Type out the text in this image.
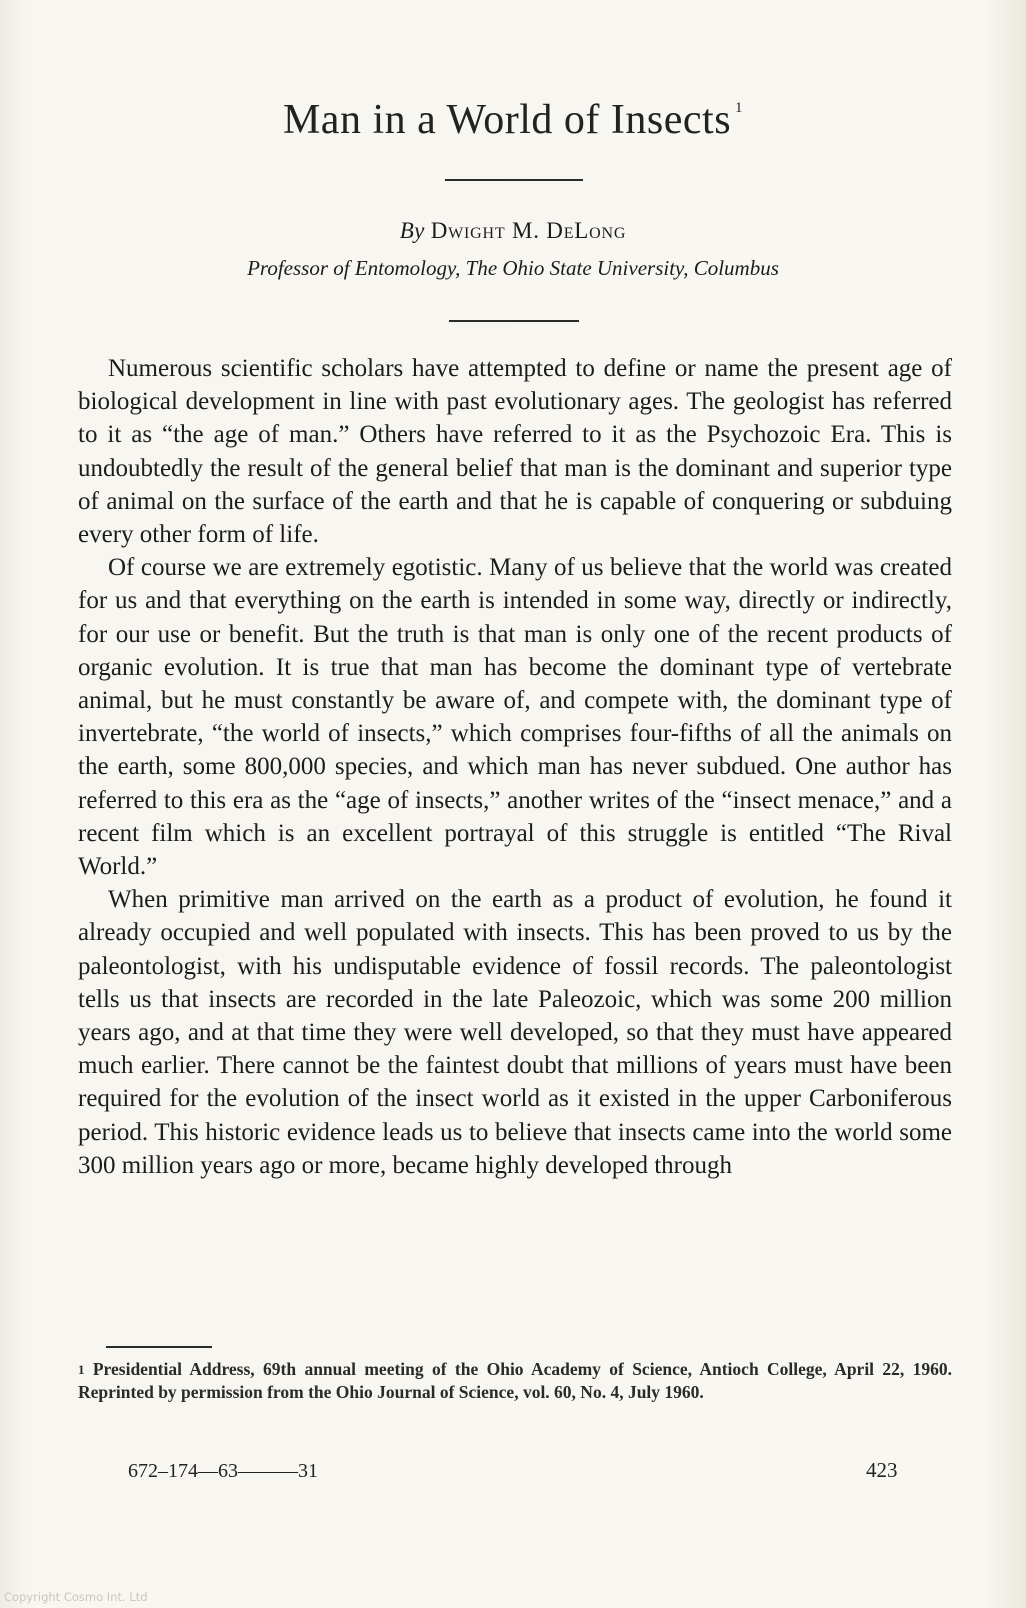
Man in a World of Insects $^1$
By Dwight M. DeLong
Professor of Entomology, The Ohio State University, Columbus

Numerous scientific scholars have attempted to define or name the present age of biological development in line with past evolutionary ages. The geologist has referred to it as “the age of man.” Others have referred to it as the Psychozoic Era. This is undoubtedly the result of the general belief that man is the dominant and superior type of animal on the surface of the earth and that he is capable of conquering or subduing every other form of life.

Of course we are extremely egotistic. Many of us believe that the world was created for us and that everything on the earth is intended in some way, directly or indirectly, for our use or benefit. But the truth is that man is only one of the recent products of organic evolution. It is true that man has become the dominant type of vertebrate animal, but he must constantly be aware of, and compete with, the dominant type of invertebrate, “the world of insects,” which comprises four-fifths of all the animals on the earth, some 800,000 species, and which man has never subdued. One author has referred to this era as the “age of insects,” another writes of the “insect menace,” and a recent film which is an excellent portrayal of this struggle is entitled “The Rival World.”

When primitive man arrived on the earth as a product of evolution, he found it already occupied and well populated with insects. This has been proved to us by the paleontologist, with his undisputable evidence of fossil records. The paleontologist tells us that insects are recorded in the late Paleozoic, which was some 200 million years ago, and at that time they were well developed, so that they must have appeared much earlier. There cannot be the faintest doubt that millions of years must have been required for the evolution of the insect world as it existed in the upper Carboniferous period. This historic evidence leads us to believe that insects came into the world some 300 million years ago or more, became highly developed through

$^1$ Presidential Address, 69th annual meeting of the Ohio Academy of Science, Antioch College, April 22, 1960. Reprinted by permission from the Ohio Journal of Science, vol. 60, No. 4, July 1960.
672–174—63———31	423
Copyright Cosmo Int. Ltd
